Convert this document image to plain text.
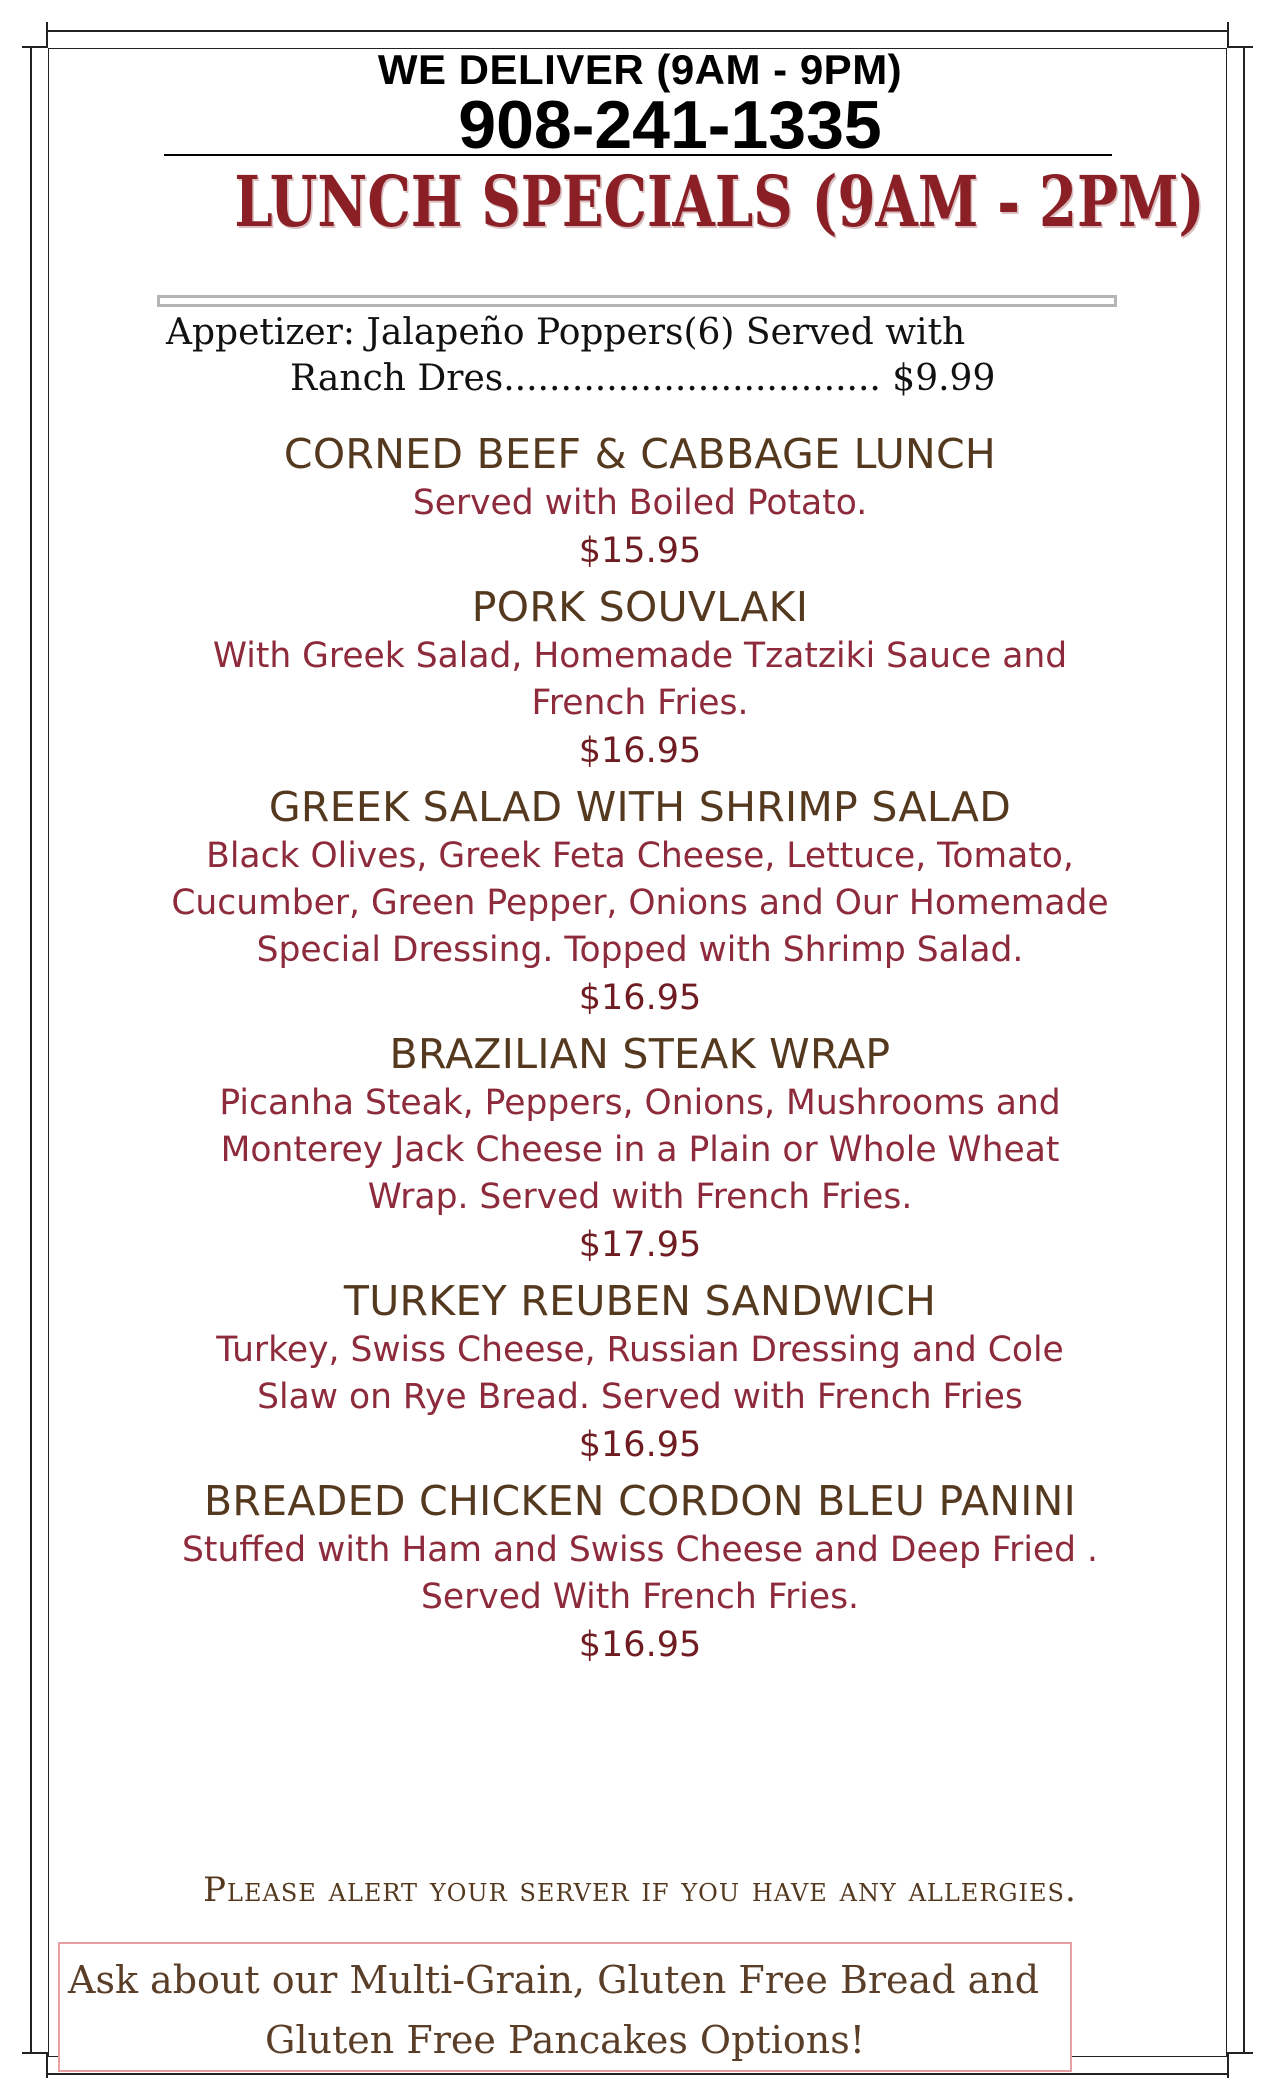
WE DELIVER (9AM - 9PM)
908-241-1335
LUNCH SPECIALS (9AM - 2PM)
Appetizer: Jalapeño Poppers(6) Served with
Ranch Dres................................. $9.99
CORNED BEEF & CABBAGE LUNCH
Served with Boiled Potato.
$15.95
PORK SOUVLAKI
With Greek Salad, Homemade Tzatziki Sauce and French Fries.
$16.95
GREEK SALAD WITH SHRIMP SALAD
Black Olives, Greek Feta Cheese, Lettuce, Tomato, Cucumber, Green Pepper, Onions and Our Homemade Special Dressing. Topped with Shrimp Salad.
$16.95
BRAZILIAN STEAK WRAP
Picanha Steak, Peppers, Onions, Mushrooms and Monterey Jack Cheese in a Plain or Whole Wheat Wrap. Served with French Fries.
$17.95
TURKEY REUBEN SANDWICH
Turkey, Swiss Cheese, Russian Dressing and Cole Slaw on Rye Bread. Served with French Fries
$16.95
BREADED CHICKEN CORDON BLEU PANINI
Stuffed with Ham and Swiss Cheese and Deep Fried . Served With French Fries.
$16.95
Please alert your server if you have any allergies.
Ask about our Multi-Grain, Gluten Free Bread and
Gluten Free Pancakes Options!
